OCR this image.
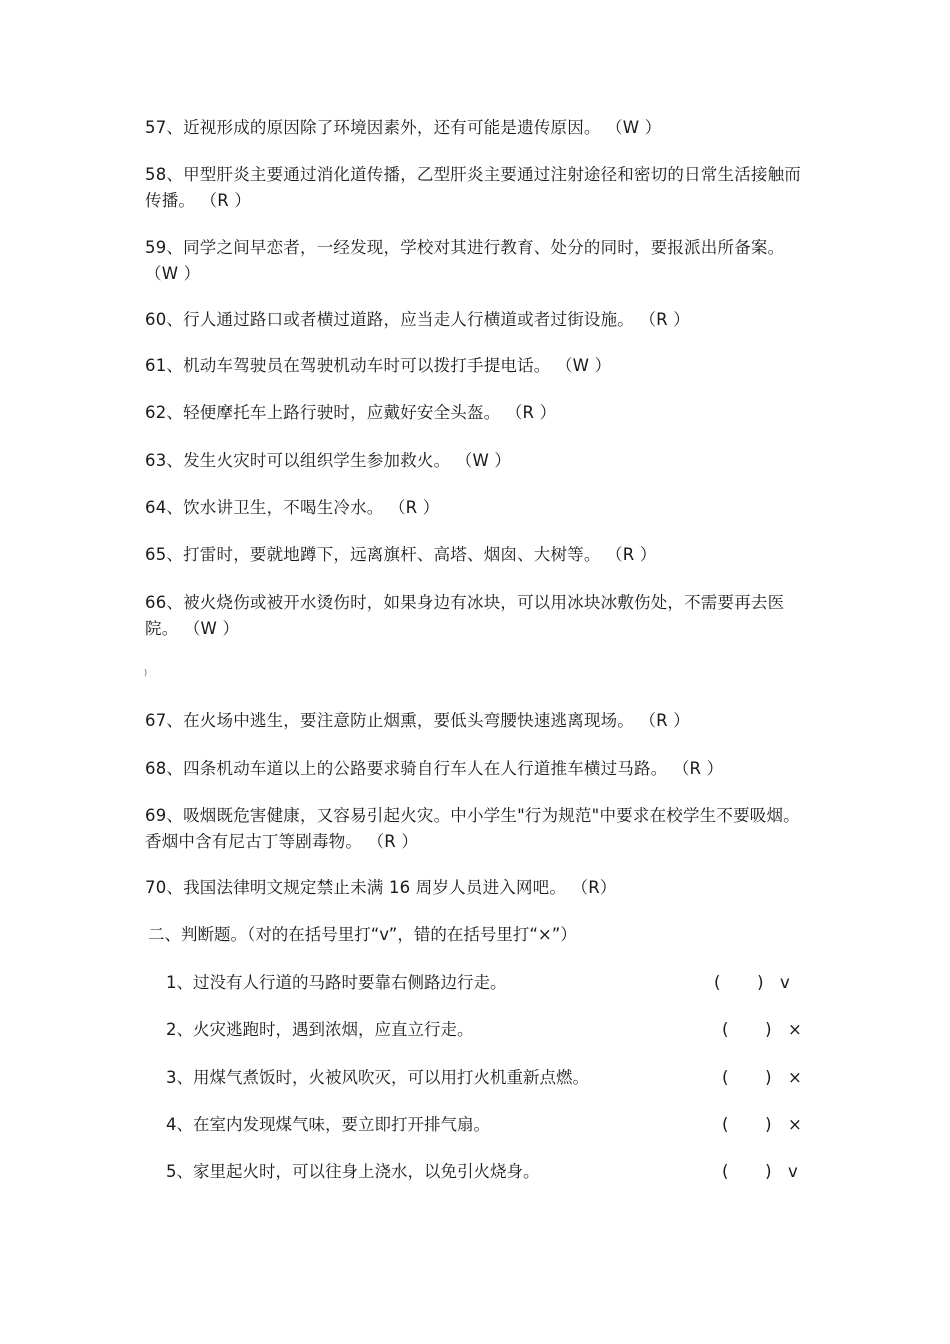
57、近视形成的原因除了环境因素外，还有可能是遗传原因。 （W ）
58、甲型肝炎主要通过消化道传播，乙型肝炎主要通过注射途径和密切的日常生活接触而传播。 （R ）
59、同学之间早恋者，一经发现，学校对其进行教育、处分的同时，要报派出所备案。 （W ）
60、行人通过路口或者横过道路，应当走人行横道或者过街设施。 （R ）
61、机动车驾驶员在驾驶机动车时可以拨打手提电话。 （W ）
62、轻便摩托车上路行驶时，应戴好安全头盔。 （R ）
63、发生火灾时可以组织学生参加救火。 （W ）
64、饮水讲卫生，不喝生冷水。 （R ）
65、打雷时，要就地蹲下，远离旗杆、高塔、烟囱、大树等。 （R ）
66、被火烧伤或被开水烫伤时，如果身边有冰块，可以用冰块冰敷伤处，不需要再去医院。 （W ）
)
67、在火场中逃生，要注意防止烟熏，要低头弯腰快速逃离现场。 （R ）
68、四条机动车道以上的公路要求骑自行车人在人行道推车横过马路。 （R ）
69、吸烟既危害健康，又容易引起火灾。中小学生"行为规范"中要求在校学生不要吸烟。香烟中含有尼古丁等剧毒物。 （R ）
70、我国法律明文规定禁止未满 16 周岁人员进入网吧。 （R）
二、判断题。（对的在括号里打“v”，错的在括号里打“×”）
1、过没有人行道的马路时要靠右侧路边行走。	(       ) v
2、火灾逃跑时，遇到浓烟，应直立行走。	(       ) ×
3、用煤气煮饭时，火被风吹灭，可以用打火机重新点燃。	(       ) ×
4、在室内发现煤气味，要立即打开排气扇。	(       ) ×
5、家里起火时，可以往身上浇水，以免引火烧身。	(       ) v
